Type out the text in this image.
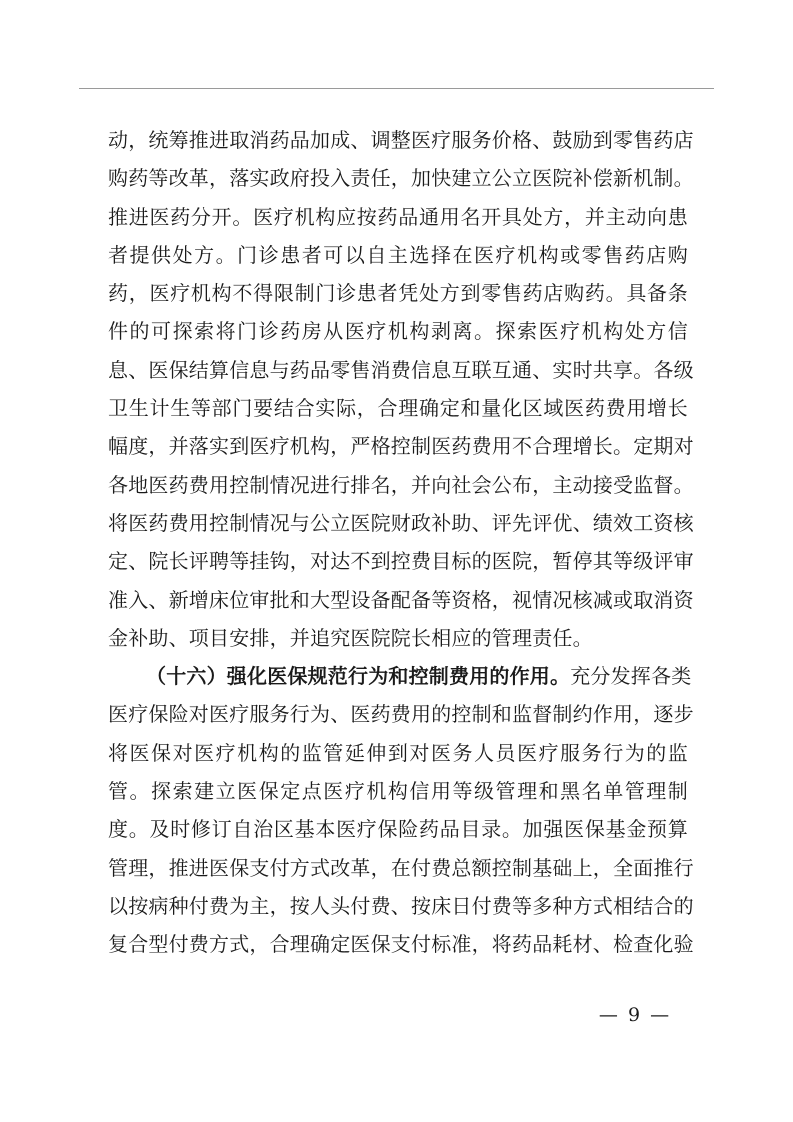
动，统筹推进取消药品加成、调整医疗服务价格、鼓励到零售药店
购药等改革，落实政府投入责任，加快建立公立医院补偿新机制。
推进医药分开。医疗机构应按药品通用名开具处方，并主动向患
者提供处方。门诊患者可以自主选择在医疗机构或零售药店购
药，医疗机构不得限制门诊患者凭处方到零售药店购药。具备条
件的可探索将门诊药房从医疗机构剥离。探索医疗机构处方信
息、医保结算信息与药品零售消费信息互联互通、实时共享。各级
卫生计生等部门要结合实际，合理确定和量化区域医药费用增长
幅度，并落实到医疗机构，严格控制医药费用不合理增长。定期对
各地医药费用控制情况进行排名，并向社会公布，主动接受监督。
将医药费用控制情况与公立医院财政补助、评先评优、绩效工资核
定、院长评聘等挂钩，对达不到控费目标的医院，暂停其等级评审
准入、新增床位审批和大型设备配备等资格，视情况核减或取消资
金补助、项目安排，并追究医院院长相应的管理责任。
（十六）强化医保规范行为和控制费用的作用。充分发挥各类
医疗保险对医疗服务行为、医药费用的控制和监督制约作用，逐步
将医保对医疗机构的监管延伸到对医务人员医疗服务行为的监
管。探索建立医保定点医疗机构信用等级管理和黑名单管理制
度。及时修订自治区基本医疗保险药品目录。加强医保基金预算
管理，推进医保支付方式改革，在付费总额控制基础上，全面推行
以按病种付费为主，按人头付费、按床日付费等多种方式相结合的
复合型付费方式，合理确定医保支付标准，将药品耗材、检查化验
— 9 —
